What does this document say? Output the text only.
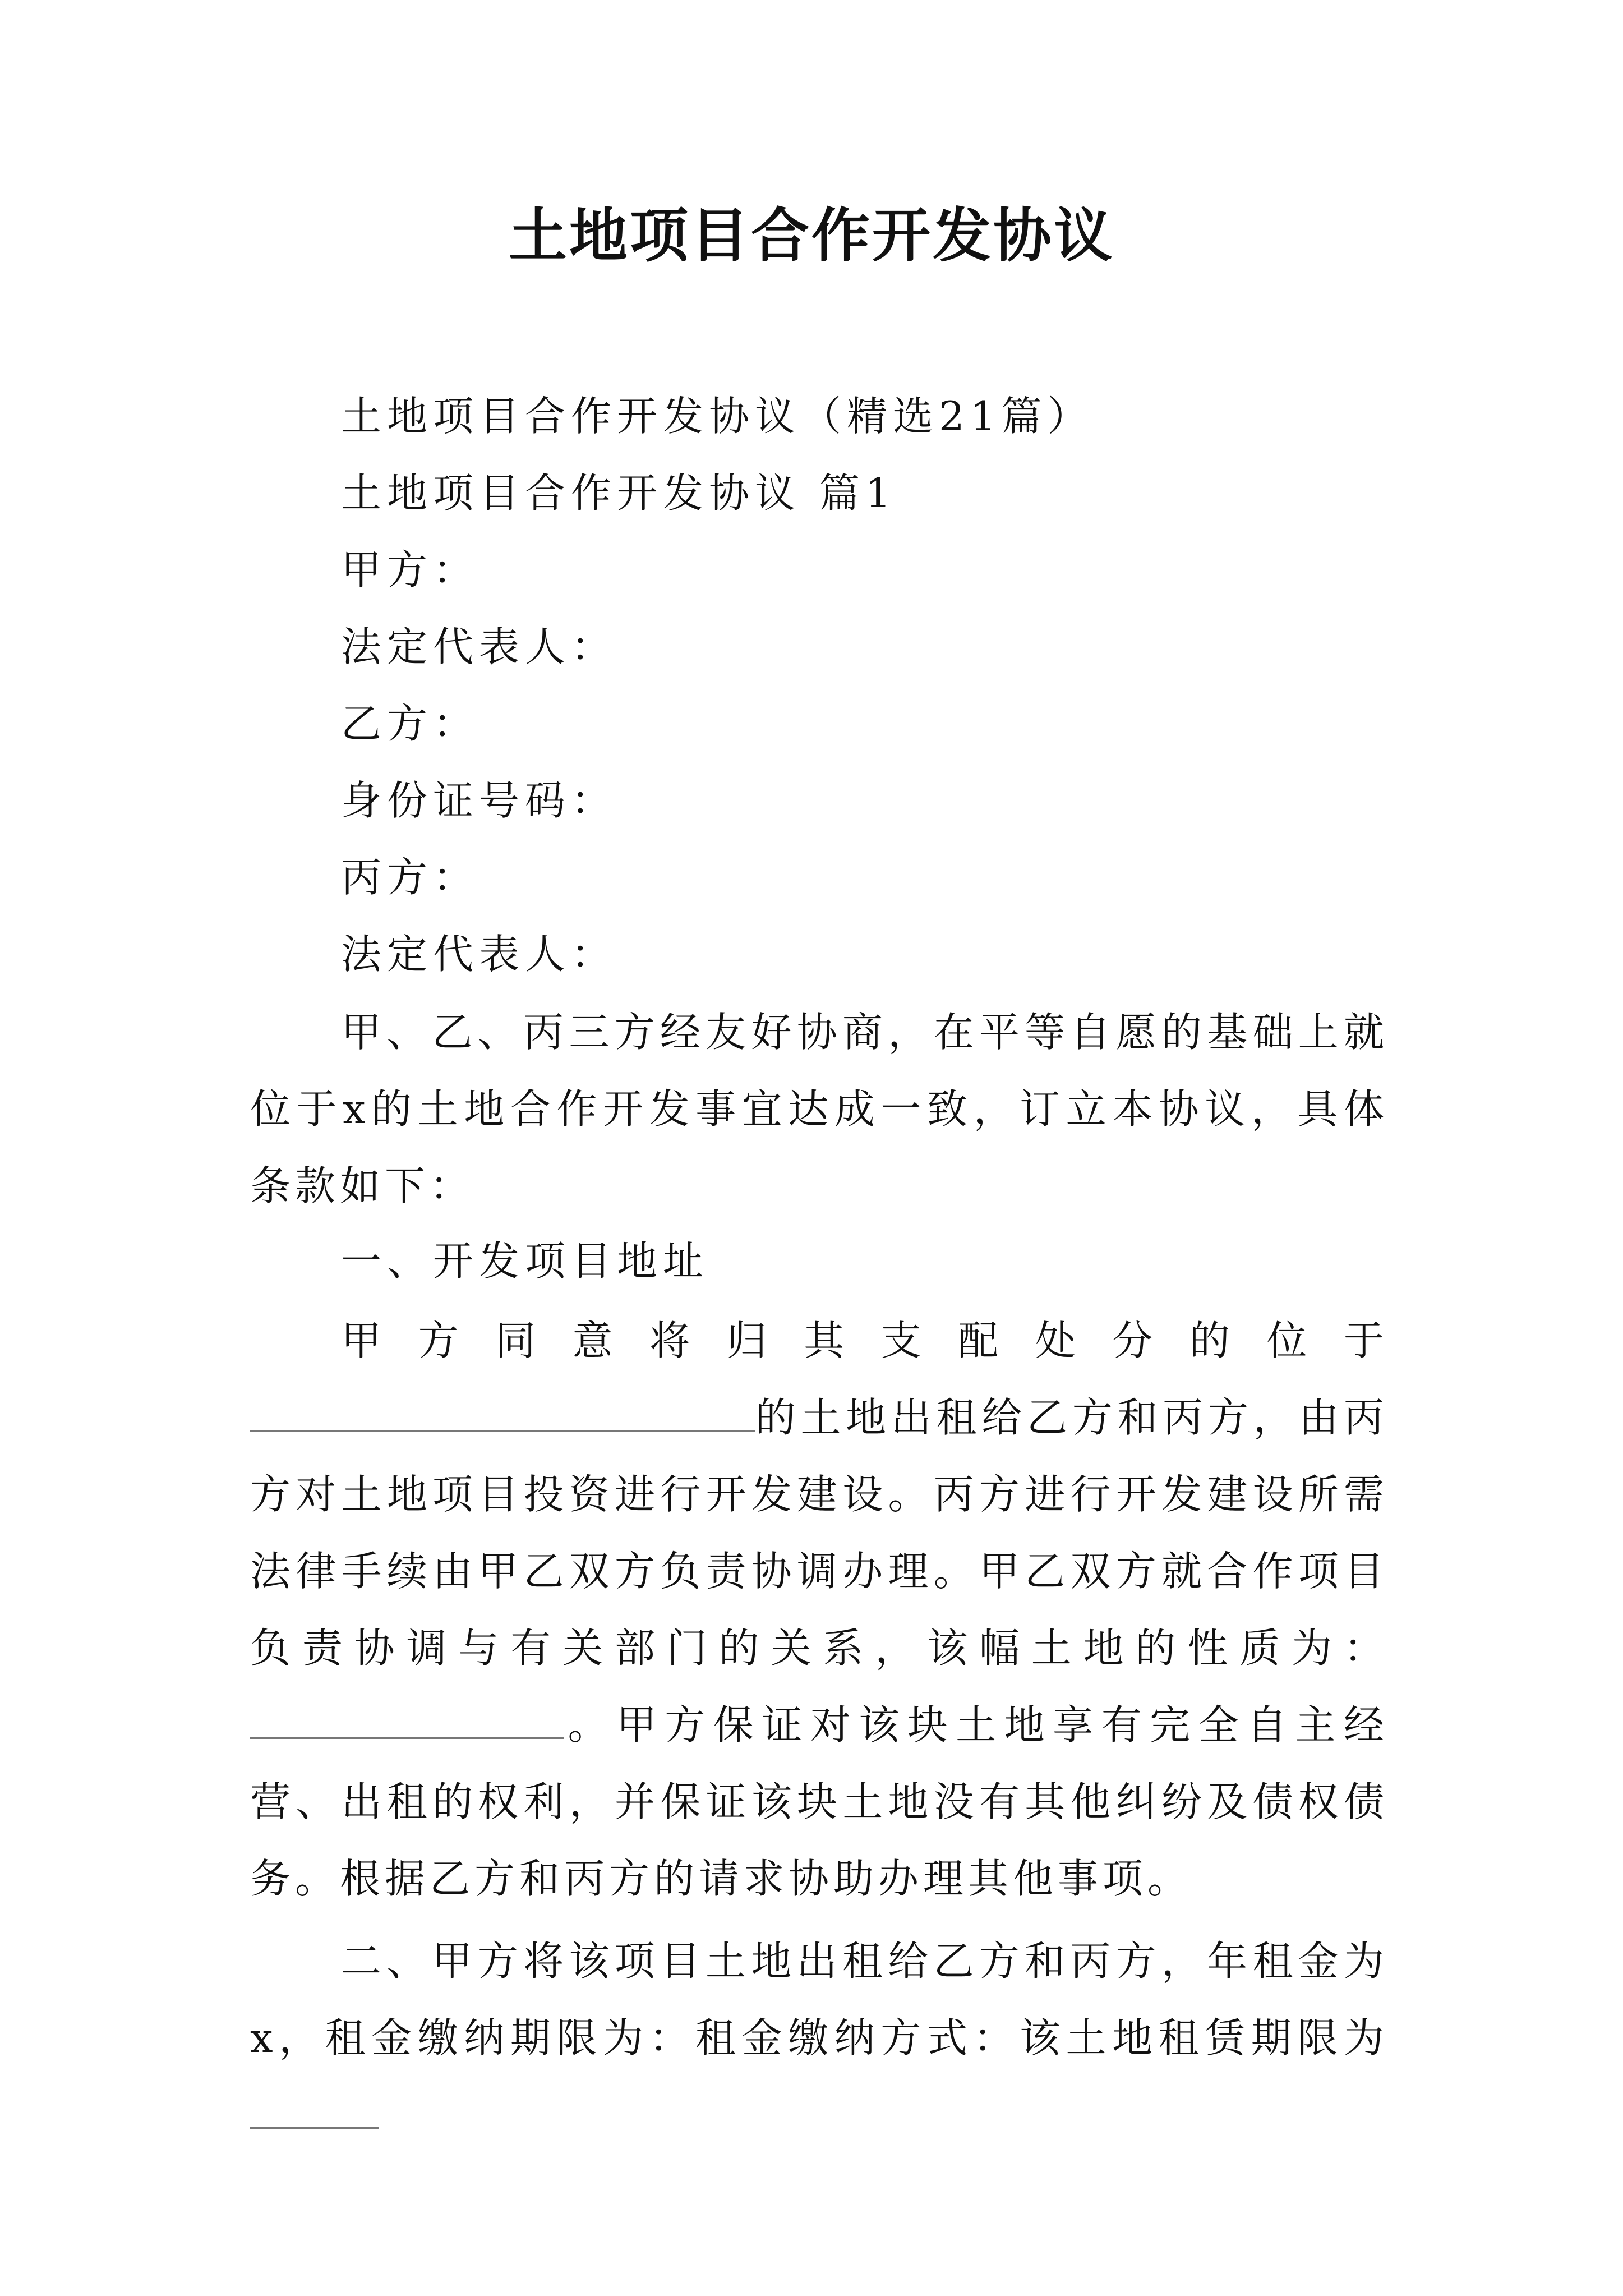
土地项目合作开发协议
土地项目合作开发协议（精选21篇）
土地项目合作开发协议 篇1
甲方：
法定代表人：
乙方：
身份证号码：
丙方：
法定代表人：
甲、乙、丙三方经友好协商，在平等自愿的基础上就位于x的土地合作开发事宜达成一致，订立本协议，具体条款如下：
一、开发项目地址
甲方同意将归其支配处分的位于的土地出租给乙方和丙方，由丙方对土地项目投资进行开发建设。丙方进行开发建设所需法律手续由甲乙双方负责协调办理。甲乙双方就合作项目负责协调与有关部门的关系，该幅土地的性质为：。甲方保证对该块土地享有完全自主经营、出租的权利，并保证该块土地没有其他纠纷及债权债务。根据乙方和丙方的请求协助办理其他事项。
二、甲方将该项目土地出租给乙方和丙方，年租金为x，租金缴纳期限为：租金缴纳方式：该土地租赁期限为
